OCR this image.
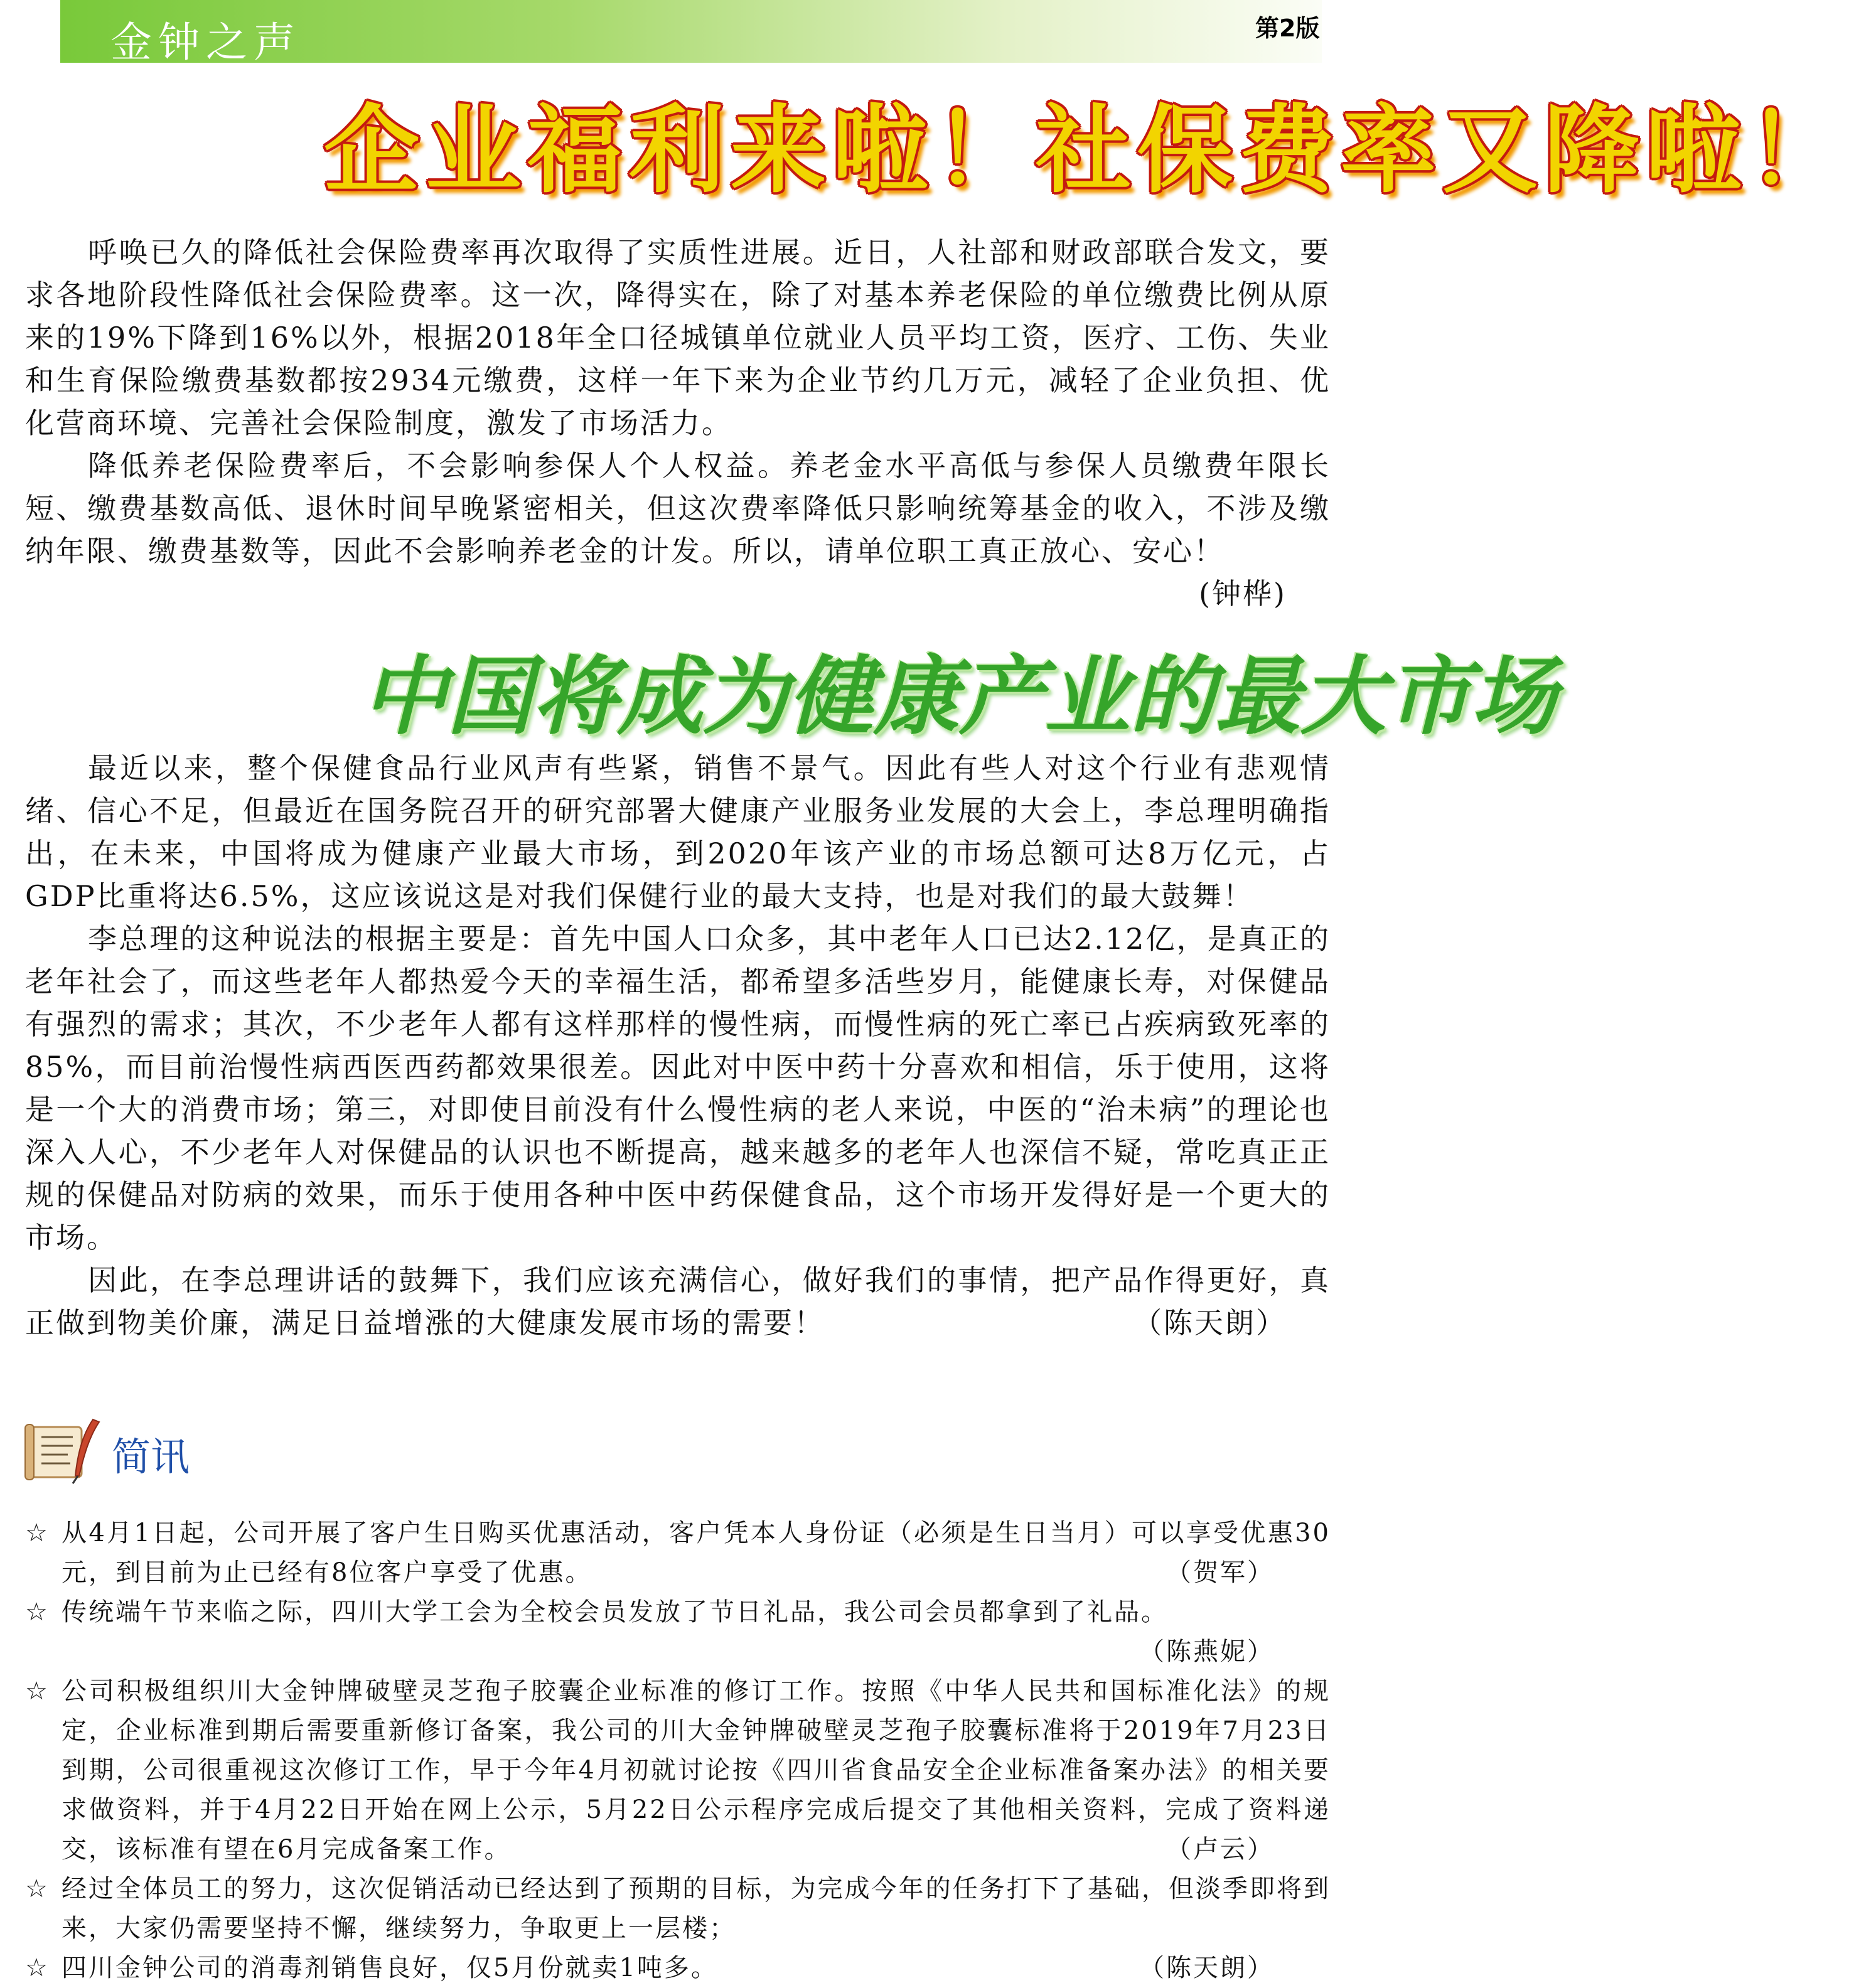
金钟之声	第2版
企业福利来啦！社保费率又降啦！

呼唤已久的降低社会保险费率再次取得了实质性进展。近日，人社部和财政部联合发文，要求各地阶段性降低社会保险费率。这一次，降得实在，除了对基本养老保险的单位缴费比例从原来的19%下降到16%以外，根据2018年全口径城镇单位就业人员平均工资，医疗、工伤、失业和生育保险缴费基数都按2934元缴费，这样一年下来为企业节约几万元，减轻了企业负担、优化营商环境、完善社会保险制度，激发了市场活力。

降低养老保险费率后，不会影响参保人个人权益。养老金水平高低与参保人员缴费年限长短、缴费基数高低、退休时间早晚紧密相关，但这次费率降低只影响统筹基金的收入，不涉及缴纳年限、缴费基数等，因此不会影响养老金的计发。所以，请单位职工真正放心、安心！
(钟桦)

中国将成为健康产业的最大市场

最近以来，整个保健食品行业风声有些紧，销售不景气。因此有些人对这个行业有悲观情绪、信心不足，但最近在国务院召开的研究部署大健康产业服务业发展的大会上，李总理明确指出，在未来，中国将成为健康产业最大市场，到2020年该产业的市场总额可达8万亿元，占GDP比重将达6.5%，这应该说这是对我们保健行业的最大支持，也是对我们的最大鼓舞！

李总理的这种说法的根据主要是：首先中国人口众多，其中老年人口已达2.12亿，是真正的老年社会了，而这些老年人都热爱今天的幸福生活，都希望多活些岁月，能健康长寿，对保健品有强烈的需求；其次，不少老年人都有这样那样的慢性病，而慢性病的死亡率已占疾病致死率的85%，而目前治慢性病西医西药都效果很差。因此对中医中药十分喜欢和相信，乐于使用，这将是一个大的消费市场；第三，对即使目前没有什么慢性病的老人来说，中医的“治未病”的理论也深入人心，不少老年人对保健品的认识也不断提高，越来越多的老年人也深信不疑，常吃真正正规的保健品对防病的效果，而乐于使用各种中医中药保健食品，这个市场开发得好是一个更大的市场。

因此，在李总理讲话的鼓舞下，我们应该充满信心，做好我们的事情，把产品作得更好，真正做到物美价廉，满足日益增涨的大健康发展市场的需要！	（陈天朗）

简讯
☆ 从4月1日起，公司开展了客户生日购买优惠活动，客户凭本人身份证（必须是生日当月）可以享受优惠30元，到目前为止已经有8位客户享受了优惠。	（贺军）
☆ 传统端午节来临之际，四川大学工会为全校会员发放了节日礼品，我公司会员都拿到了礼品。
（陈燕妮）
☆ 公司积极组织川大金钟牌破壁灵芝孢子胶囊企业标准的修订工作。按照《中华人民共和国标准化法》的规定，企业标准到期后需要重新修订备案，我公司的川大金钟牌破壁灵芝孢子胶囊标准将于2019年7月23日到期，公司很重视这次修订工作，早于今年4月初就讨论按《四川省食品安全企业标准备案办法》的相关要求做资料，并于4月22日开始在网上公示，5月22日公示程序完成后提交了其他相关资料，完成了资料递交，该标准有望在6月完成备案工作。	（卢云）
☆ 经过全体员工的努力，这次促销活动已经达到了预期的目标，为完成今年的任务打下了基础，但淡季即将到来，大家仍需要坚持不懈，继续努力，争取更上一层楼；
☆ 四川金钟公司的消毒剂销售良好，仅5月份就卖1吨多。	（陈天朗）
